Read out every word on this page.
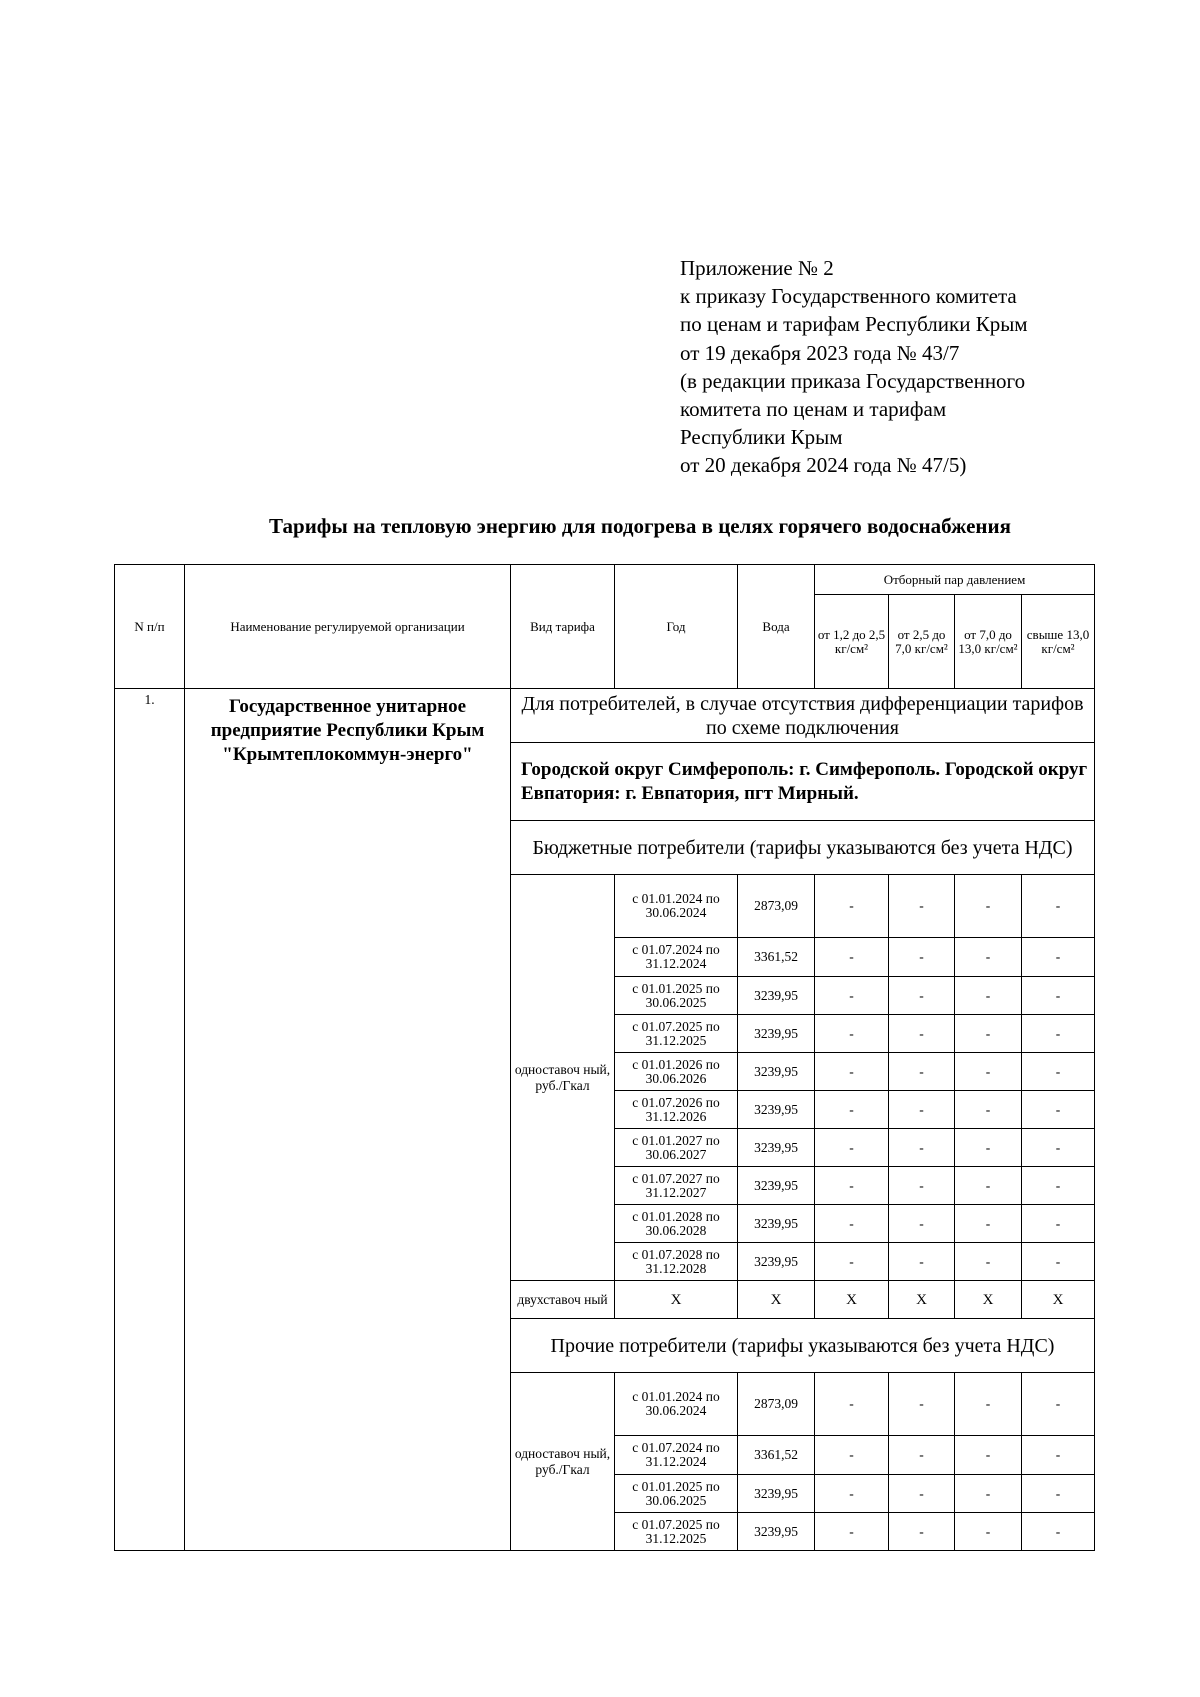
Приложение № 2
к приказу Государственного комитета
по ценам и тарифам Республики Крым
от 19 декабря 2023 года № 43/7
(в редакции приказа Государственного
комитета по ценам и тарифам
Республики Крым
от 20 декабря 2024 года № 47/5)
Тарифы на тепловую энергию для подогрева в целях горячего водоснабжения
N п/п	Наименование регулируемой организации	Вид тарифа	Год	Вода	Отборный пар давлением			
					от 1,2 до 2,5 кг/см²	от 2,5 до 7,0 кг/см²	от 7,0 до 13,0 кг/см²	свыше 13,0 кг/см²
1.	Государственное унитарное предприятие Республики Крым "Крымтеплокоммун-энерго"	Для потребителей, в случае отсутствия дифференциации тарифов по схеме подключения						
		Городской округ Симферополь: г. Симферополь. Городской округ Евпатория: г. Евпатория, пгт Мирный.						
		Бюджетные потребители (тарифы указываются без учета НДС)						
		одноставоч ный, руб./Гкал	с 01.01.2024 по 30.06.2024	2873,09	-	-	-	-
			с 01.07.2024 по 31.12.2024	3361,52	-	-	-	-
			с 01.01.2025 по 30.06.2025	3239,95	-	-	-	-
			с 01.07.2025 по 31.12.2025	3239,95	-	-	-	-
			с 01.01.2026 по 30.06.2026	3239,95	-	-	-	-
			с 01.07.2026 по 31.12.2026	3239,95	-	-	-	-
			с 01.01.2027 по 30.06.2027	3239,95	-	-	-	-
			с 01.07.2027 по 31.12.2027	3239,95	-	-	-	-
			с 01.01.2028 по 30.06.2028	3239,95	-	-	-	-
			с 01.07.2028 по 31.12.2028	3239,95	-	-	-	-
		двухставоч ный	X	X	X	X	X	X
		Прочие потребители (тарифы указываются без учета НДС)						
		одноставоч ный, руб./Гкал	с 01.01.2024 по 30.06.2024	2873,09	-	-	-	-
			с 01.07.2024 по 31.12.2024	3361,52	-	-	-	-
			с 01.01.2025 по 30.06.2025	3239,95	-	-	-	-
			с 01.07.2025 по 31.12.2025	3239,95	-	-	-	-
